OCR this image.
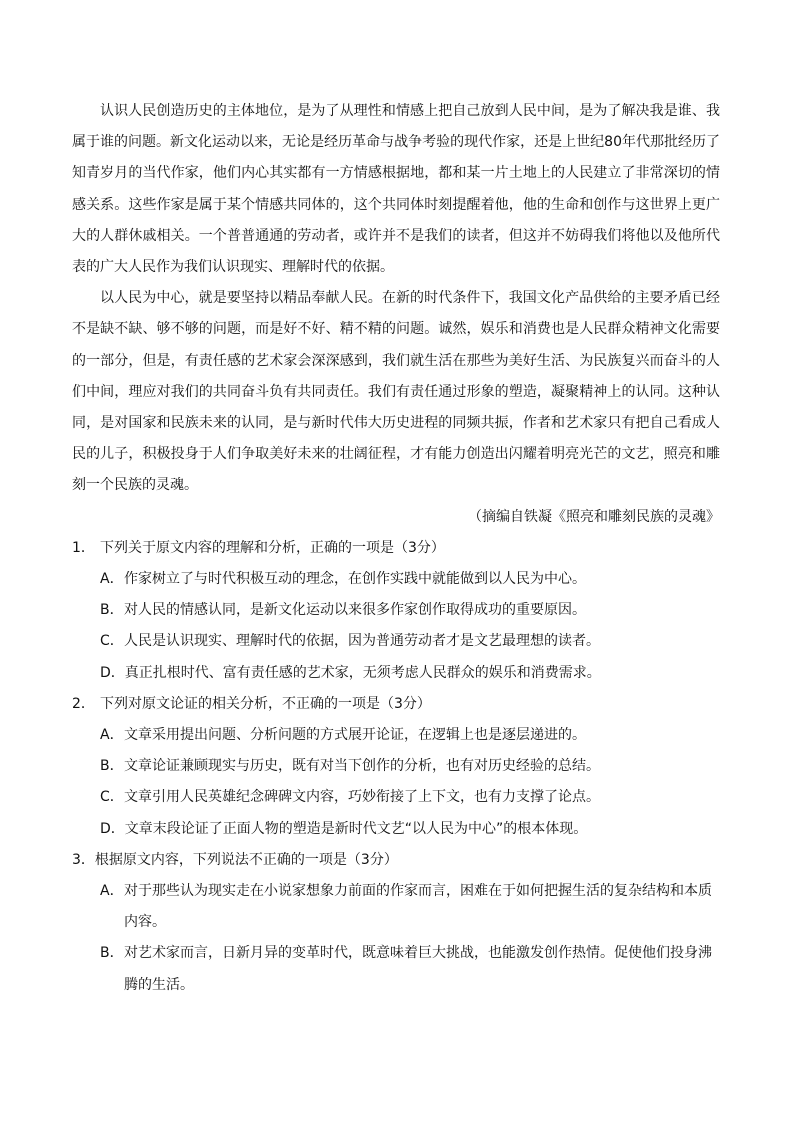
认识人民创造历史的主体地位，是为了从理性和情感上把自己放到人民中间，是为了解决我是谁、我属于谁的问题。新文化运动以来，无论是经历革命与战争考验的现代作家，还是上世纪80年代那批经历了知青岁月的当代作家，他们内心其实都有一方情感根据地，都和某一片土地上的人民建立了非常深切的情感关系。这些作家是属于某个情感共同体的，这个共同体时刻提醒着他，他的生命和创作与这世界上更广大的人群休戚相关。一个普普通通的劳动者，或许并不是我们的读者，但这并不妨碍我们将他以及他所代表的广大人民作为我们认识现实、理解时代的依据。

以人民为中心，就是要坚持以精品奉献人民。在新的时代条件下，我国文化产品供给的主要矛盾已经不是缺不缺、够不够的问题，而是好不好、精不精的问题。诚然，娱乐和消费也是人民群众精神文化需要的一部分，但是，有责任感的艺术家会深深感到，我们就生活在那些为美好生活、为民族复兴而奋斗的人们中间，理应对我们的共同奋斗负有共同责任。我们有责任通过形象的塑造，凝聚精神上的认同。这种认同，是对国家和民族未来的认同，是与新时代伟大历史进程的同频共振，作者和艺术家只有把自己看成人民的儿子，积极投身于人们争取美好未来的壮阔征程，才有能力创造出闪耀着明亮光芒的文艺，照亮和雕刻一个民族的灵魂。

（摘编自铁凝《照亮和雕刻民族的灵魂》

1． 下列关于原文内容的理解和分析，正确的一项是（3分）

A． 作家树立了与时代积极互动的理念，在创作实践中就能做到以人民为中心。

B． 对人民的情感认同，是新文化运动以来很多作家创作取得成功的重要原因。

C． 人民是认识现实、理解时代的依据，因为普通劳动者才是文艺最理想的读者。

D． 真正扎根时代、富有责任感的艺术家，无须考虑人民群众的娱乐和消费需求。

2． 下列对原文论证的相关分析，不正确的一项是（3分）

A． 文章采用提出问题、分析问题的方式展开论证，在逻辑上也是逐层递进的。

B． 文章论证兼顾现实与历史，既有对当下创作的分析，也有对历史经验的总结。

C． 文章引用人民英雄纪念碑碑文内容，巧妙衔接了上下文，也有力支撑了论点。

D． 文章末段论证了正面人物的塑造是新时代文艺“以人民为中心”的根本体现。

3．根据原文内容，下列说法不正确的一项是（3分）

A． 对于那些认为现实走在小说家想象力前面的作家而言，困难在于如何把握生活的复杂结构和本质内容。

B． 对艺术家而言，日新月异的变革时代，既意味着巨大挑战，也能激发创作热情。促使他们投身沸腾的生活。
